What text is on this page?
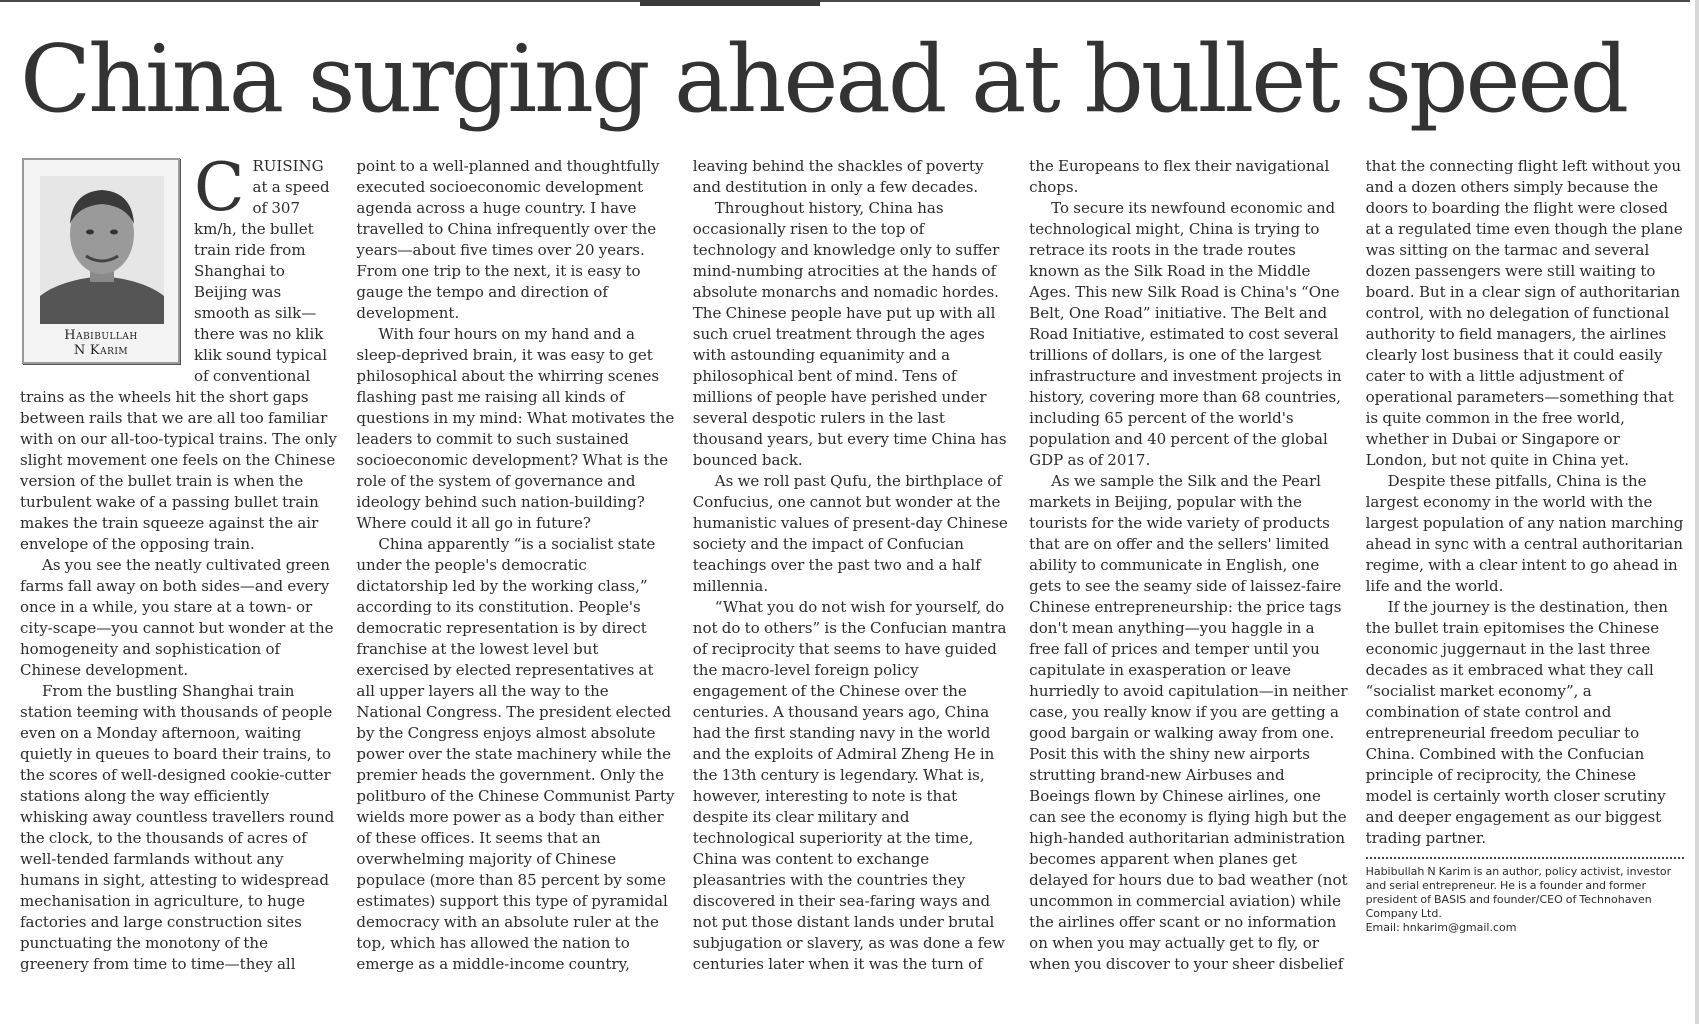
China surging ahead at bullet speed
Habibullah
N Karim
C RUISING at a speed of 307 km/h, the bullet train ride from Shanghai to Beijing was smooth as silk—there was no klik klik sound typical of conventional trains as the wheels hit the short gaps between rails that we are all too familiar with on our all-too-typical trains. The only slight movement one feels on the Chinese version of the bullet train is when the turbulent wake of a passing bullet train makes the train squeeze against the air envelope of the opposing train.

As you see the neatly cultivated green farms fall away on both sides—and every once in a while, you stare at a town- or city-scape—you cannot but wonder at the homogeneity and sophistication of Chinese development.

From the bustling Shanghai train station teeming with thousands of people even on a Monday afternoon, waiting quietly in queues to board their trains, to the scores of well-designed cookie-cutter stations along the way efficiently whisking away countless travellers round the clock, to the thousands of acres of well-tended farmlands without any humans in sight, attesting to widespread mechanisation in agriculture, to huge factories and large construction sites punctuating the monotony of the greenery from time to time—they all point to a well-planned and thoughtfully executed socioeconomic development agenda across a huge country. I have travelled to China infrequently over the years—about five times over 20 years. From one trip to the next, it is easy to gauge the tempo and direction of development.

With four hours on my hand and a sleep-deprived brain, it was easy to get philosophical about the whirring scenes flashing past me raising all kinds of questions in my mind: What motivates the leaders to commit to such sustained socioeconomic development? What is the role of the system of governance and ideology behind such nation-building? Where could it all go in future?

China apparently “is a socialist state under the people's democratic dictatorship led by the working class,” according to its constitution. People's democratic representation is by direct franchise at the lowest level but exercised by elected representatives at all upper layers all the way to the National Congress. The president elected by the Congress enjoys almost absolute power over the state machinery while the premier heads the government. Only the politburo of the Chinese Communist Party wields more power as a body than either of these offices. It seems that an overwhelming majority of Chinese populace (more than 85 percent by some estimates) support this type of pyramidal democracy with an absolute ruler at the top, which has allowed the nation to emerge as a middle-income country, leaving behind the shackles of poverty and destitution in only a few decades.

Throughout history, China has occasionally risen to the top of technology and knowledge only to suffer mind-numbing atrocities at the hands of absolute monarchs and nomadic hordes. The Chinese people have put up with all such cruel treatment through the ages with astounding equanimity and a philosophical bent of mind. Tens of millions of people have perished under several despotic rulers in the last thousand years, but every time China has bounced back.

As we roll past Qufu, the birthplace of Confucius, one cannot but wonder at the humanistic values of present-day Chinese society and the impact of Confucian teachings over the past two and a half millennia.

“What you do not wish for yourself, do not do to others” is the Confucian mantra of reciprocity that seems to have guided the macro-level foreign policy engagement of the Chinese over the centuries. A thousand years ago, China had the first standing navy in the world and the exploits of Admiral Zheng He in the 13th century is legendary. What is, however, interesting to note is that despite its clear military and technological superiority at the time, China was content to exchange pleasantries with the countries they discovered in their sea-faring ways and not put those distant lands under brutal subjugation or slavery, as was done a few centuries later when it was the turn of the Europeans to flex their navigational chops.

To secure its newfound economic and technological might, China is trying to retrace its roots in the trade routes known as the Silk Road in the Middle Ages. This new Silk Road is China's “One Belt, One Road” initiative. The Belt and Road Initiative, estimated to cost several trillions of dollars, is one of the largest infrastructure and investment projects in history, covering more than 68 countries, including 65 percent of the world's population and 40 percent of the global GDP as of 2017.

As we sample the Silk and the Pearl markets in Beijing, popular with the tourists for the wide variety of products that are on offer and the sellers' limited ability to communicate in English, one gets to see the seamy side of laissez-faire Chinese entrepreneurship: the price tags don't mean anything—you haggle in a free fall of prices and temper until you capitulate in exasperation or leave hurriedly to avoid capitulation—in neither case, you really know if you are getting a good bargain or walking away from one. Posit this with the shiny new airports strutting brand-new Airbuses and Boeings flown by Chinese airlines, one can see the economy is flying high but the high-handed authoritarian administration becomes apparent when planes get delayed for hours due to bad weather (not uncommon in commercial aviation) while the airlines offer scant or no information on when you may actually get to fly, or when you discover to your sheer disbelief that the connecting flight left without you and a dozen others simply because the doors to boarding the flight were closed at a regulated time even though the plane was sitting on the tarmac and several dozen passengers were still waiting to board. But in a clear sign of authoritarian control, with no delegation of functional authority to field managers, the airlines clearly lost business that it could easily cater to with a little adjustment of operational parameters—something that is quite common in the free world, whether in Dubai or Singapore or London, but not quite in China yet.

Despite these pitfalls, China is the largest economy in the world with the largest population of any nation marching ahead in sync with a central authoritarian regime, with a clear intent to go ahead in life and the world.

If the journey is the destination, then the bullet train epitomises the Chinese economic juggernaut in the last three decades as it embraced what they call “socialist market economy”, a combination of state control and entrepreneurial freedom peculiar to China. Combined with the Confucian principle of reciprocity, the Chinese model is certainly worth closer scrutiny and deeper engagement as our biggest trading partner.

Habibullah N Karim is an author, policy activist, investor and serial entrepreneur. He is a founder and former president of BASIS and founder/CEO of Technohaven Company Ltd.
Email: hnkarim@gmail.com
